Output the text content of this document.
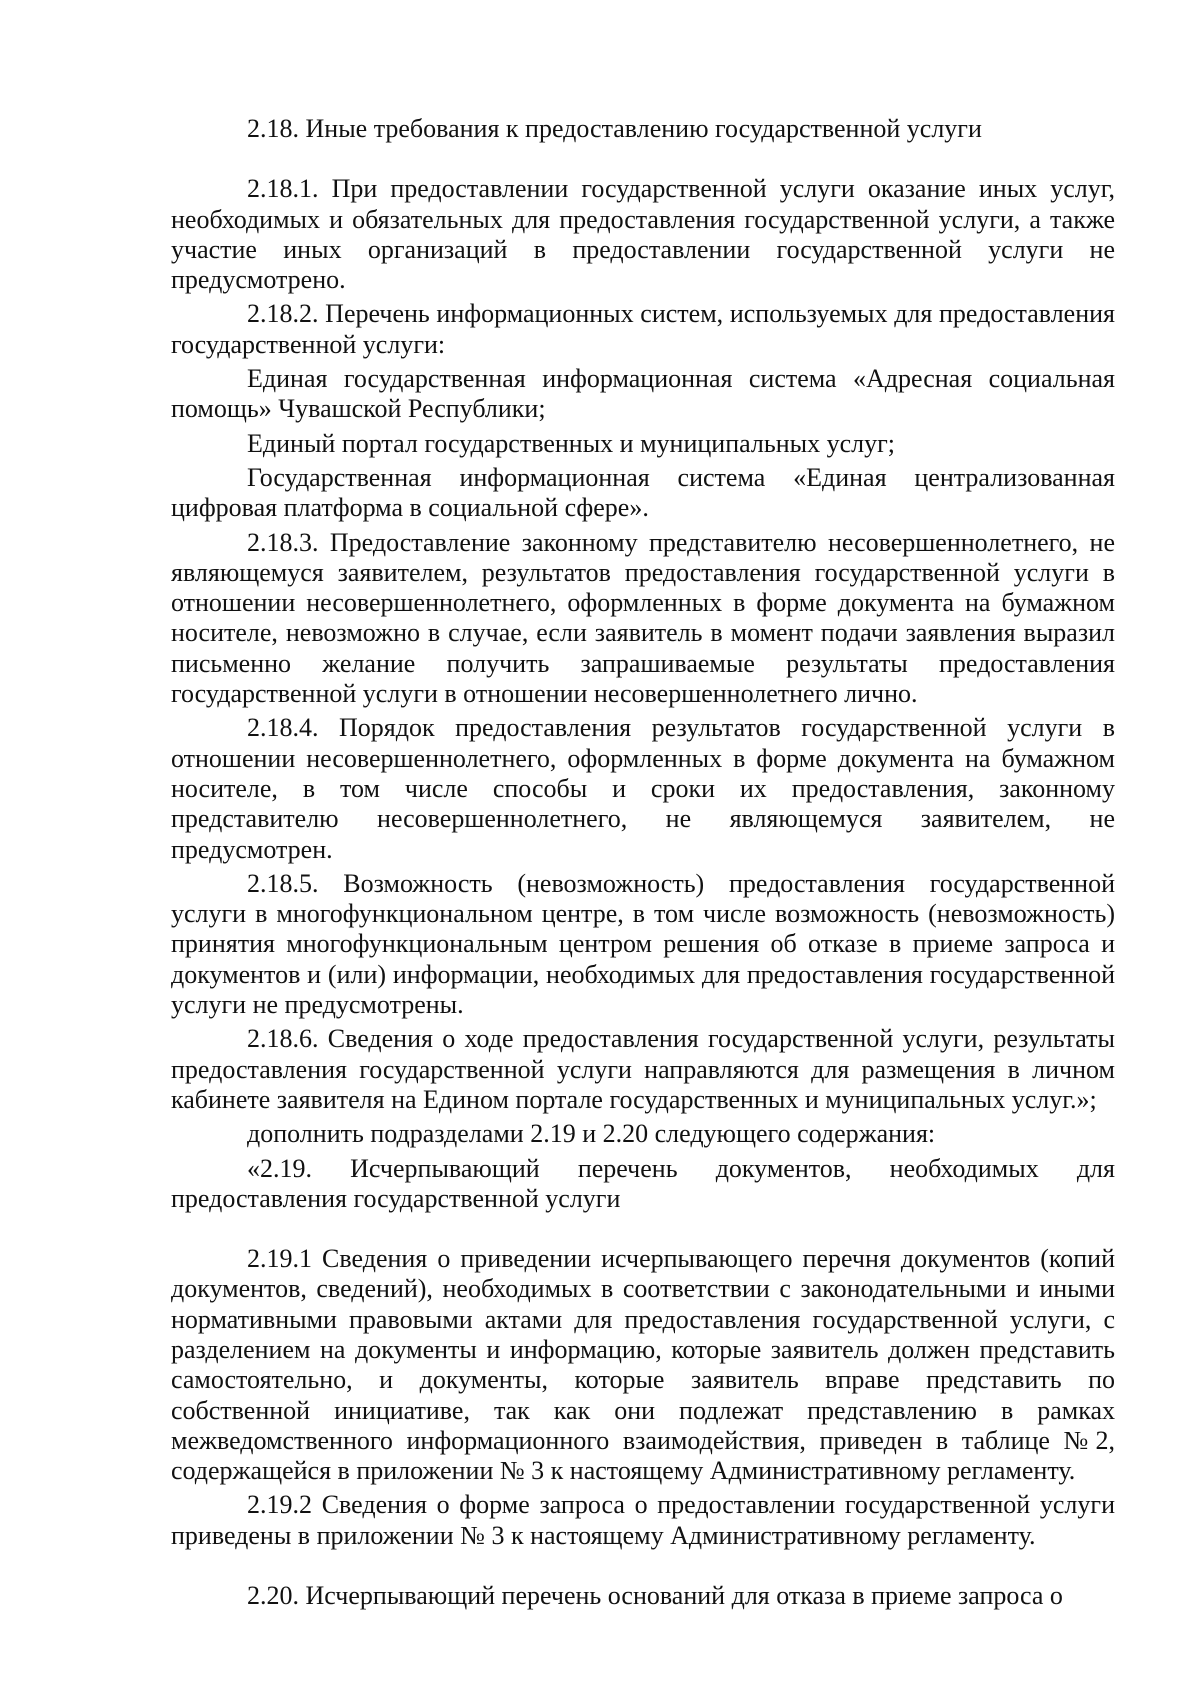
2.18. Иные требования к предоставлению государственной услуги

2.18.1. При предоставлении государственной услуги оказание иных услуг, необходимых и обязательных для предоставления государственной услуги, а также участие иных организаций в предоставлении государственной услуги не предусмотрено.

2.18.2. Перечень информационных систем, используемых для предоставления государственной услуги:

Единая государственная информационная система «Адресная социальная помощь» Чувашской Республики;

Единый портал государственных и муниципальных услуг;

Государственная информационная система «Единая централизованная цифровая платформа в социальной сфере».

2.18.3. Предоставление законному представителю несовершеннолетнего, не являющемуся заявителем, результатов предоставления государственной услуги в отношении несовершеннолетнего, оформленных в форме документа на бумажном носителе, невозможно в случае, если заявитель в момент подачи заявления выразил письменно желание получить запрашиваемые результаты предоставления государственной услуги в отношении несовершеннолетнего лично.

2.18.4. Порядок предоставления результатов государственной услуги в отношении несовершеннолетнего, оформленных в форме документа на бумажном носителе, в том числе способы и сроки их предоставления, законному представителю несовершеннолетнего, не являющемуся заявителем, не предусмотрен.

2.18.5. Возможность (невозможность) предоставления государственной услуги в многофункциональном центре, в том числе возможность (невозможность) принятия многофункциональным центром решения об отказе в приеме запроса и документов и (или) информации, необходимых для предоставления государственной услуги не предусмотрены.

2.18.6. Сведения о ходе предоставления государственной услуги, результаты предоставления государственной услуги направляются для размещения в личном кабинете заявителя на Едином портале государственных и муниципальных услуг.»;

дополнить подразделами 2.19 и 2.20 следующего содержания:

«2.19. Исчерпывающий перечень документов, необходимых для предоставления государственной услуги

2.19.1 Сведения о приведении исчерпывающего перечня документов (копий документов, сведений), необходимых в соответствии с законодательными и иными нормативными правовыми актами для предоставления государственной услуги, с разделением на документы и информацию, которые заявитель должен представить самостоятельно, и документы, которые заявитель вправе представить по собственной инициативе, так как они подлежат представлению в рамках межведомственного информационного взаимодействия, приведен в таблице №2, содержащейся в приложении № 3 к настоящему Административному регламенту.

2.19.2 Сведения о форме запроса о предоставлении государственной услуги приведены в приложении № 3 к настоящему Административному регламенту.

2.20. Исчерпывающий перечень оснований для отказа в приеме запроса о
